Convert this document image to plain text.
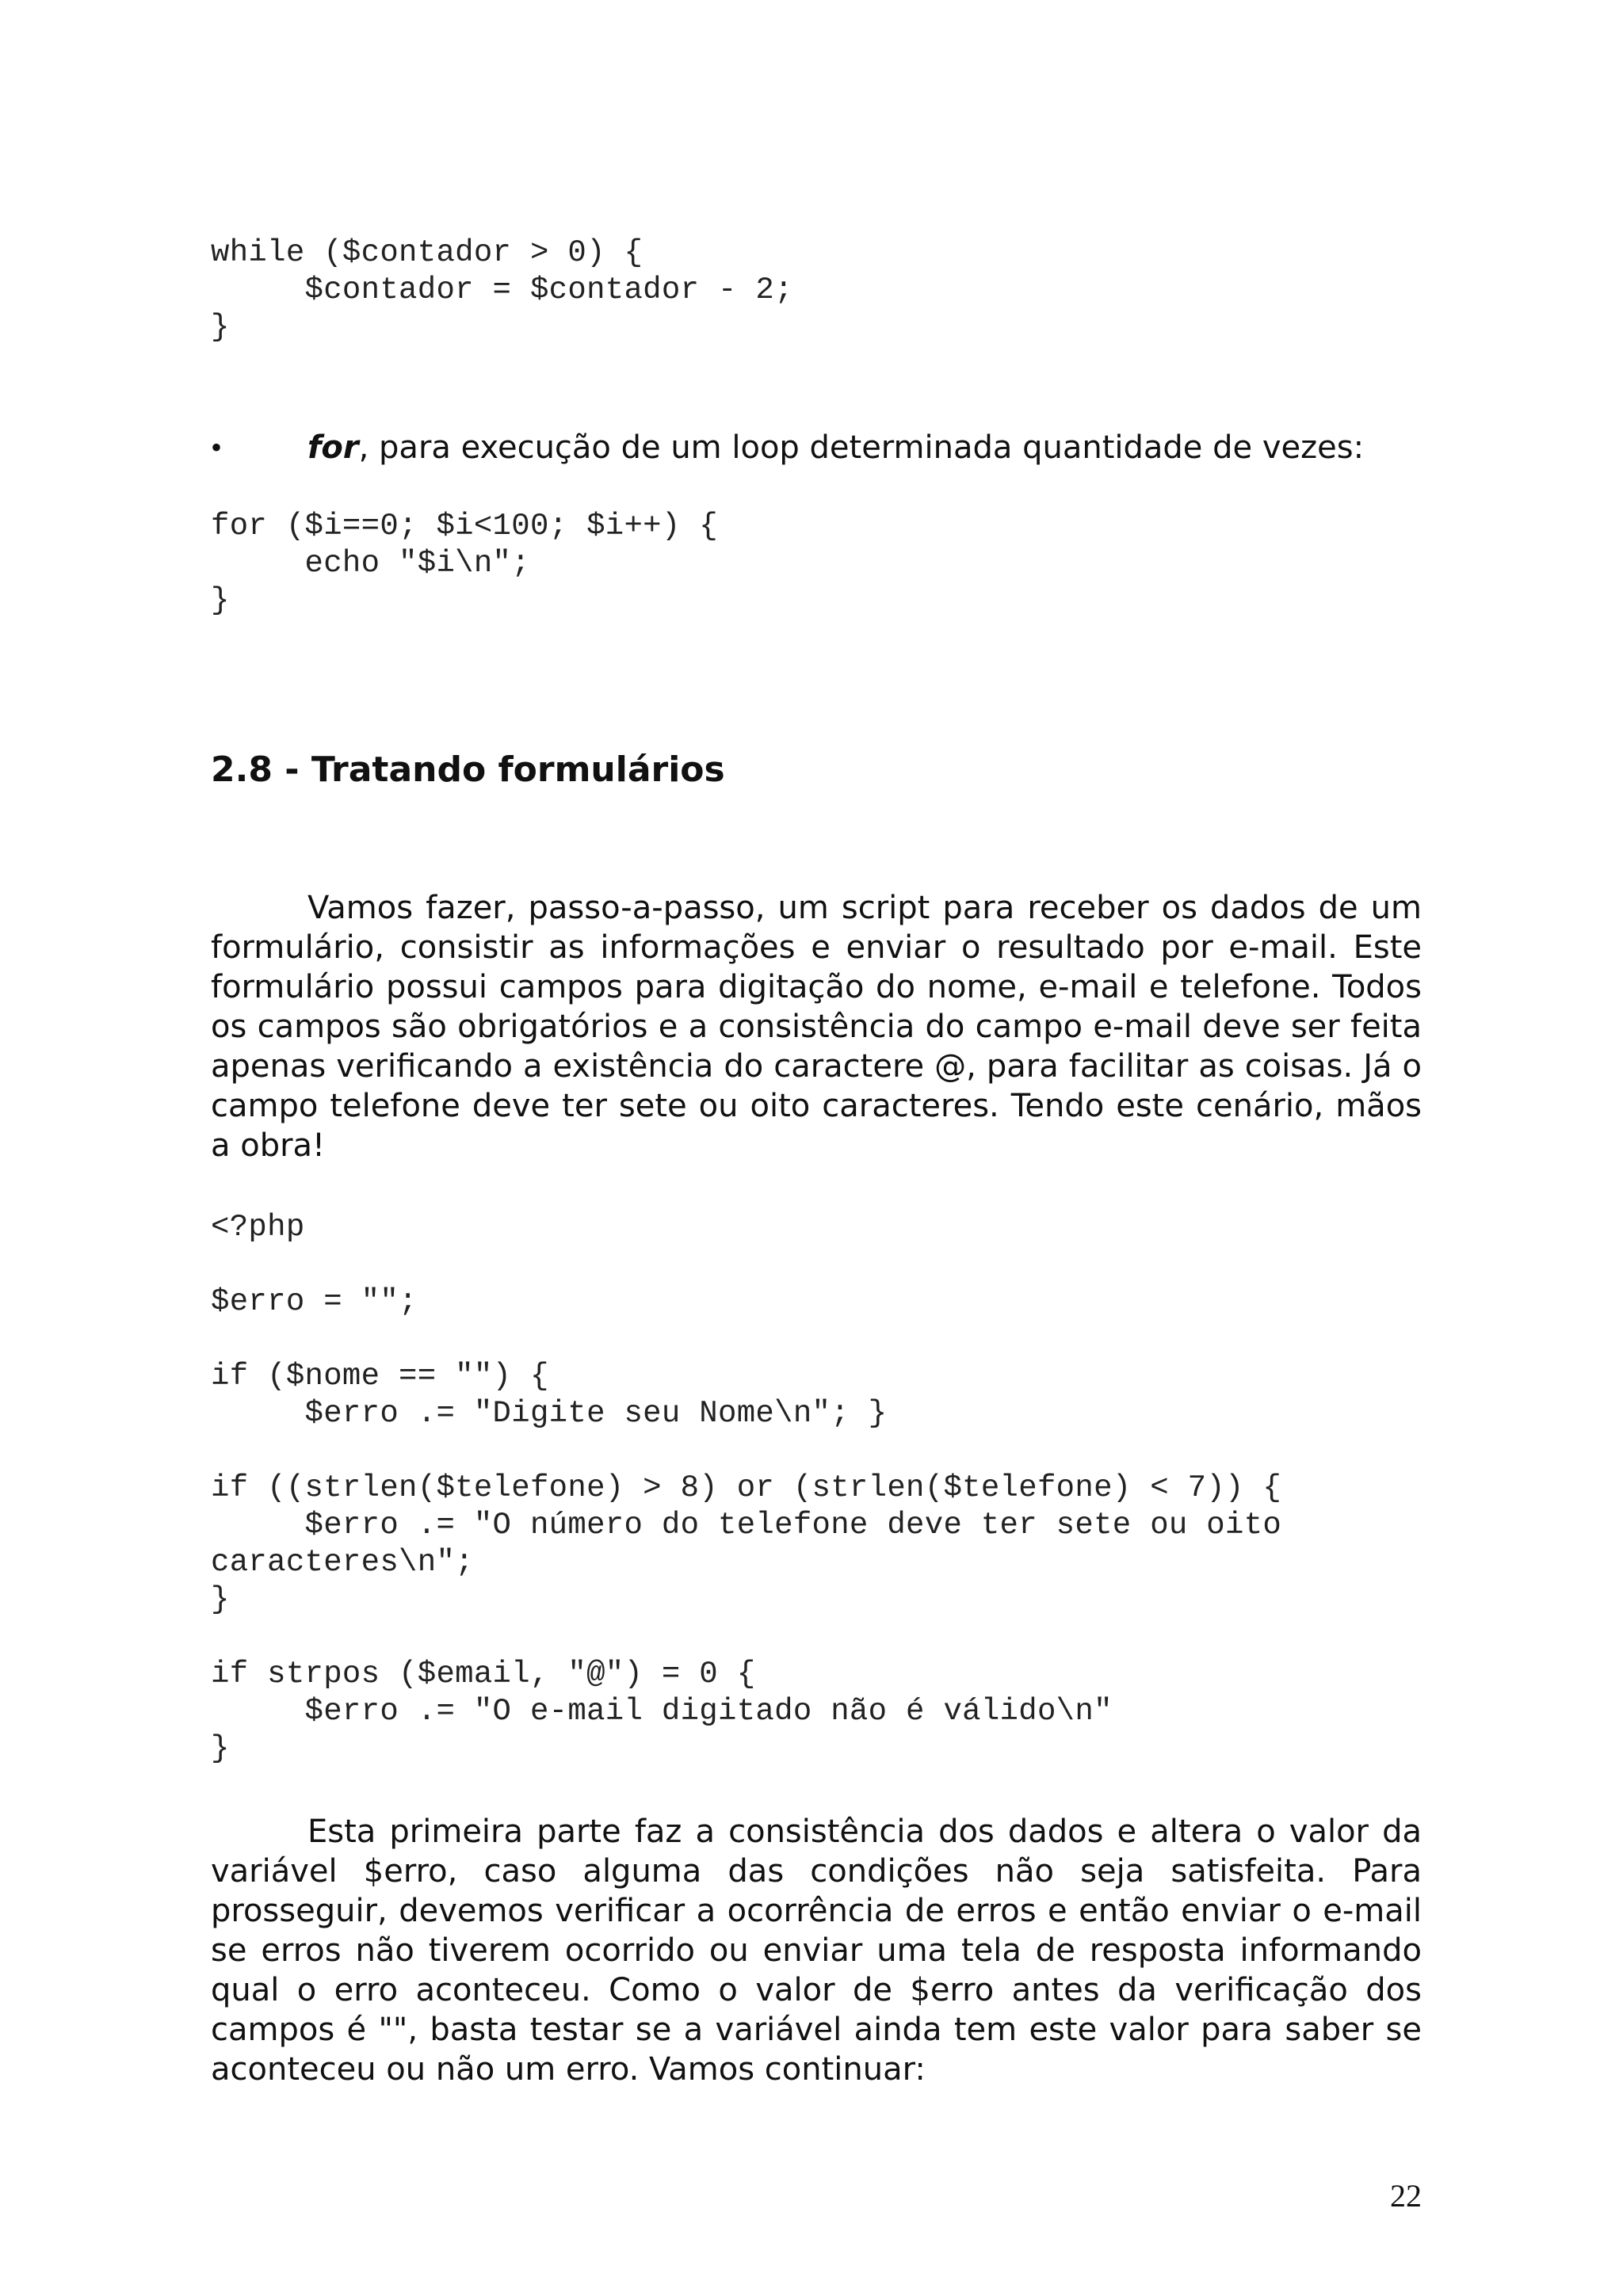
while ($contador > 0) {
$contador = $contador - 2;
}
•	for, para execução de um loop determinada quantidade de vezes:
for ($i==0; $i<100; $i++) {
echo "$i\n";
}
2.8 - Tratando formulários

Vamos fazer, passo-a-passo, um script para receber os dados de um formulário, consistir as informações e enviar o resultado por e-mail. Este formulário possui campos para digitação do nome, e-mail e telefone. Todos os campos são obrigatórios e a consistência do campo e-mail deve ser feita apenas verificando a existência do caractere @, para facilitar as coisas. Já o campo telefone deve ter sete ou oito caracteres. Tendo este cenário, mãos a obra!

<?php

$erro = "";

if ($nome == "") {
$erro .= "Digite seu Nome\n"; }

if ((strlen($telefone) > 8) or (strlen($telefone) < 7)) {
$erro .= "O número do telefone deve ter sete ou oito
caracteres\n";
}

if strpos ($email, "@") = 0 {
$erro .= "O e-mail digitado não é válido\n"
}

Esta primeira parte faz a consistência dos dados e altera o valor da variável $erro, caso alguma das condições não seja satisfeita. Para prosseguir, devemos verificar a ocorrência de erros e então enviar o e-mail se erros não tiverem ocorrido ou enviar uma tela de resposta informando qual o erro aconteceu. Como o valor de $erro antes da verificação dos campos é "", basta testar se a variável ainda tem este valor para saber se aconteceu ou não um erro. Vamos continuar:

22
